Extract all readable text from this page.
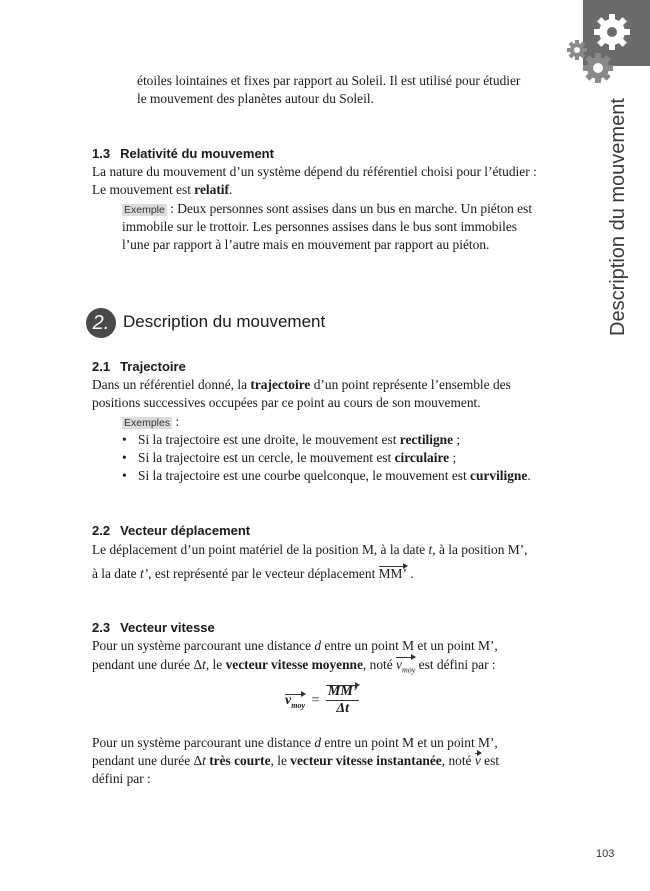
Description du mouvement
étoiles lointaines et fixes par rapport au Soleil. Il est utilisé pour étudier
le mouvement des planètes autour du Soleil.
1.3 Relativité du mouvement
La nature du mouvement d’un système dépend du référentiel choisi pour l’étudier :
Le mouvement est relatif.
Exemple : Deux personnes sont assises dans un bus en marche. Un piéton est
immobile sur le trottoir. Les personnes assises dans le bus sont immobiles
l’une par rapport à l’autre mais en mouvement par rapport au piéton.
2. Description du mouvement
2.1 Trajectoire
Dans un référentiel donné, la trajectoire d’un point représente l’ensemble des
positions successives occupées par ce point au cours de son mouvement.
Exemples :
• Si la trajectoire est une droite, le mouvement est rectiligne ;
• Si la trajectoire est un cercle, le mouvement est circulaire ;
• Si la trajectoire est une courbe quelconque, le mouvement est curviligne.
2.2 Vecteur déplacement
Le déplacement d’un point matériel de la position M, à la date t, à la position M’,
à la date t’, est représenté par le vecteur déplacement MM’ .
2.3 Vecteur vitesse
Pour un système parcourant une distance d entre un point M et un point M’,
pendant une durée Δt, le vecteur vitesse moyenne, noté $v_{moy}$ est défini par :
$v_{moy} = \frac{MM’}{\Delta t}$
Pour un système parcourant une distance d entre un point M et un point M’,
pendant une durée Δt très courte, le vecteur vitesse instantanée, noté v est
défini par :
103
